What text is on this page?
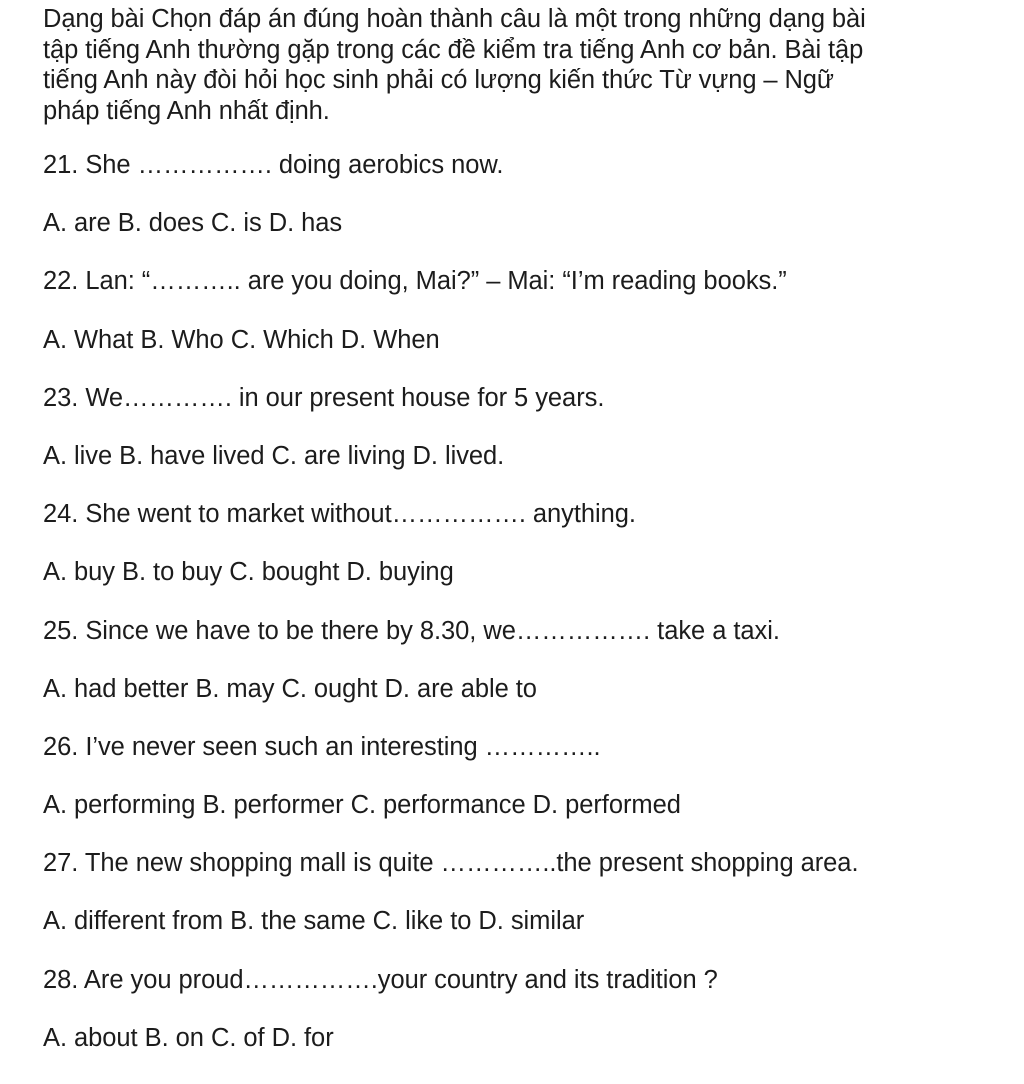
Dạng bài Chọn đáp án đúng hoàn thành câu là một trong những dạng bài
tập tiếng Anh thường gặp trong các đề kiểm tra tiếng Anh cơ bản. Bài tập
tiếng Anh này đòi hỏi học sinh phải có lượng kiến thức Từ vựng – Ngữ
pháp tiếng Anh nhất định.

21. She ……………. doing aerobics now.
A. are B. does C. is D. has
22. Lan: “……….. are you doing, Mai?” – Mai: “I’m reading books.”
A. What B. Who C. Which D. When
23. We…………. in our present house for 5 years.
A. live B. have lived C. are living D. lived.
24. She went to market without……………. anything.
A. buy B. to buy C. bought D. buying
25. Since we have to be there by 8.30, we……………. take a taxi.
A. had better B. may C. ought D. are able to
26. I’ve never seen such an interesting …………..
A. performing B. performer C. performance D. performed
27. The new shopping mall is quite …………..the present shopping area.
A. different from B. the same C. like to D. similar
28. Are you proud…………….your country and its tradition ?
A. about B. on C. of D. for
